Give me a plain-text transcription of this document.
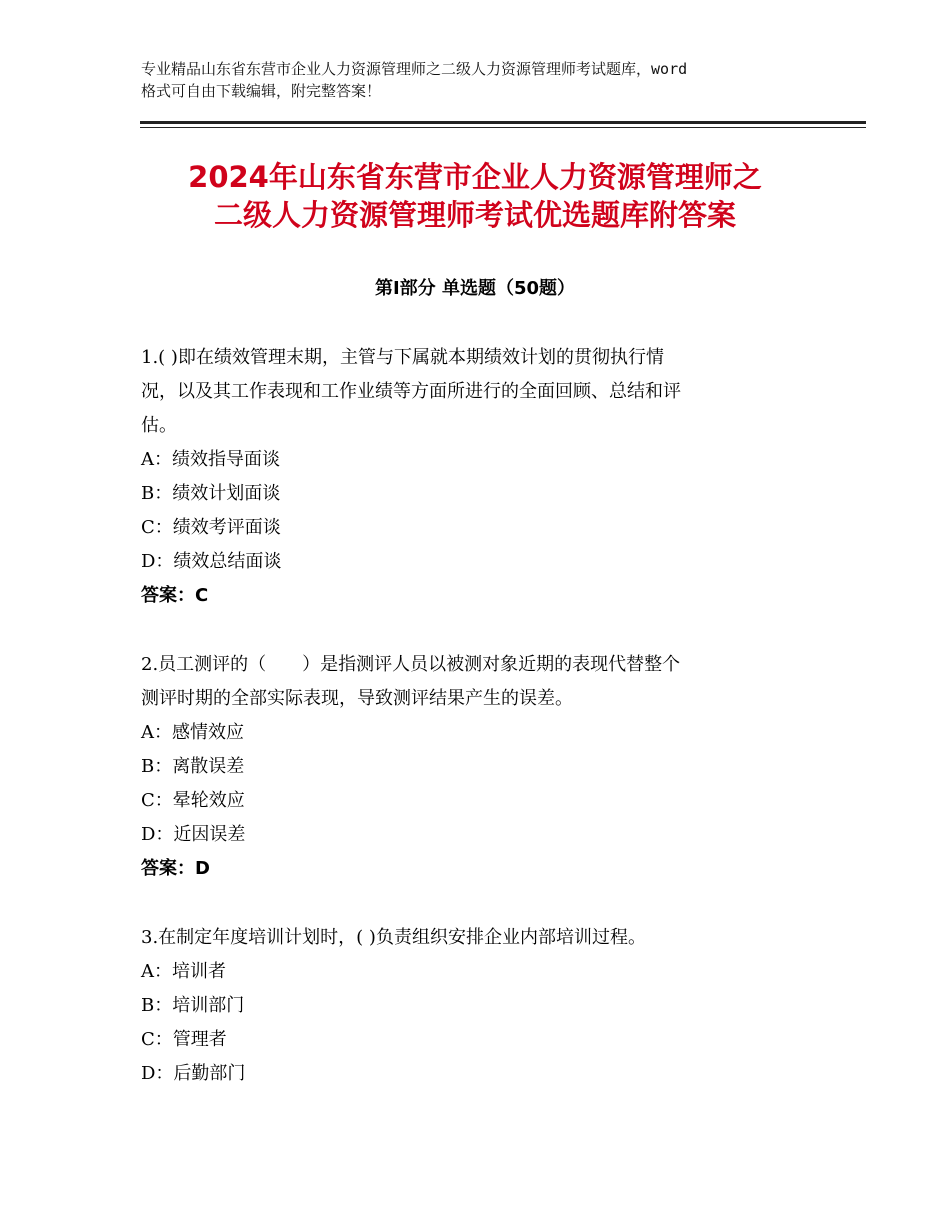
专业精品山东省东营市企业人力资源管理师之二级人力资源管理师考试题库，word
格式可自由下载编辑，附完整答案！
2024年山东省东营市企业人力资源管理师之
二级人力资源管理师考试优选题库附答案
第Ⅰ部分 单选题（50题）
1.( )即在绩效管理末期，主管与下属就本期绩效计划的贯彻执行情
况，以及其工作表现和工作业绩等方面所进行的全面回顾、总结和评
估。
A：绩效指导面谈
B：绩效计划面谈
C：绩效考评面谈
D：绩效总结面谈
答案：C
2.员工测评的（　　）是指测评人员以被测对象近期的表现代替整个
测评时期的全部实际表现，导致测评结果产生的误差。
A：感情效应
B：离散误差
C：晕轮效应
D：近因误差
答案：D
3.在制定年度培训计划时，( )负责组织安排企业内部培训过程。
A：培训者
B：培训部门
C：管理者
D：后勤部门
